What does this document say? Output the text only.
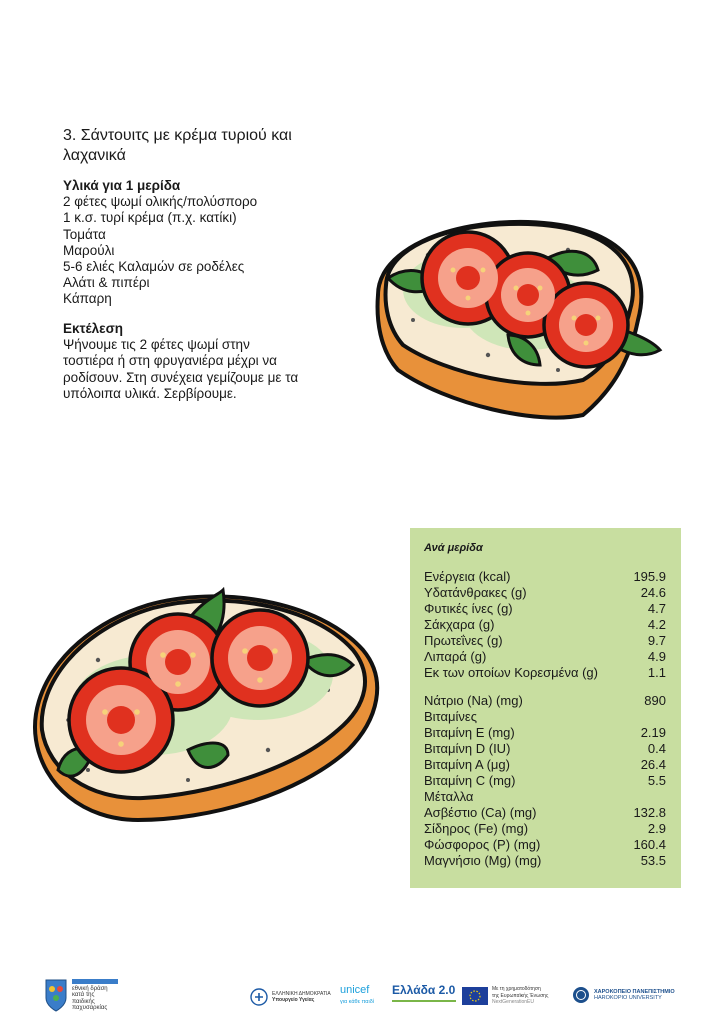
3. Σάντουιτς με κρέμα τυριού και λαχανικά
Υλικά για 1 μερίδα
2 φέτες ψωμί ολικής/πολύσπορο
1 κ.σ. τυρί κρέμα (π.χ. κατίκι)
Τομάτα
Μαρούλι
5-6 ελιές Καλαμών σε ροδέλες
Αλάτι & πιπέρι
Κάπαρη
Εκτέλεση
Ψήνουμε τις 2 φέτες ψωμί στην τοστιέρα ή στη φρυγανιέρα μέχρι να ροδίσουν. Στη συνέχεια γεμίζουμε με τα υπόλοιπα υλικά. Σερβίρουμε.
Ανά μερίδα
Ενέργεια (kcal)	195.9
Υδατάνθρακες (g)	24.6
Φυτικές ίνες (g)	4.7
Σάκχαρα (g)	4.2
Πρωτεΐνες (g)	9.7
Λιπαρά (g)	4.9
Εκ των οποίων Κορεσμένα (g)	1.1
Νάτριο (Na) (mg)	890
Βιταμίνες
Βιταμίνη Ε (mg)	2.19
Βιταμίνη D (IU)	0.4
Βιταμίνη Α (μg)	26.4
Βιταμίνη C (mg)	5.5
Μέταλλα
Ασβέστιο (Ca) (mg)	132.8
Σίδηρος (Fe) (mg)	2.9
Φώσφορος (P) (mg)	160.4
Μαγνήσιο (Mg) (mg)	53.5
εθνική δράση
κατά της
παιδικής
παχυσαρκίας
ΕΛΛΗΝΙΚΗ ΔΗΜΟΚΡΑΤΙΑ
Υπουργείο Υγείας
unicef
για κάθε παιδί
Ελλάδα 2.0	Με τη χρηματοδότηση
της Ευρωπαϊκής Ένωσης
NextGenerationEU
ΧΑΡΟΚΟΠΕΙΟ ΠΑΝΕΠΙΣΤΗΜΙΟ
HAROKOPIO UNIVERSITY
